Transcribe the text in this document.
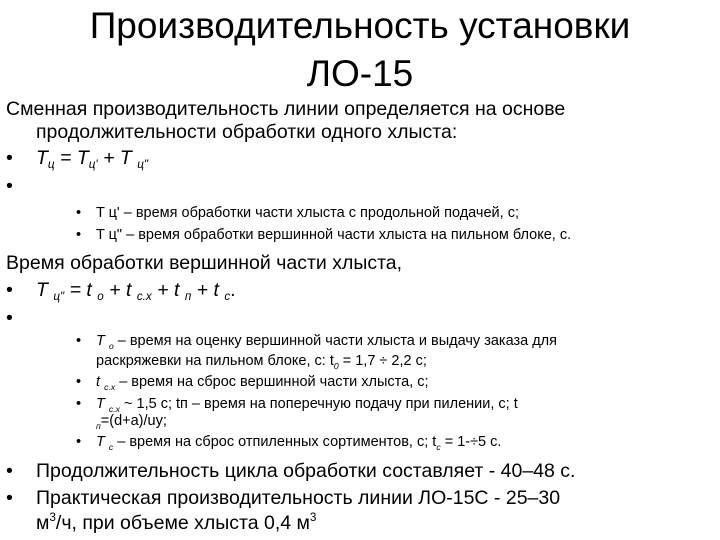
Производительность установки
ЛО-15
Сменная производительность линии определяется на основе
продолжительности обработки одного хлыста:
• $T_ц = T_{ц'} + T$ $_{ц"}$
•
• T ц' – время обработки части хлыста с продольной подачей, с;
• T ц" – время обработки вершинной части хлыста на пильном блоке, с.
Время обработки вершинной части хлыста,
• T $_{ц"}$ = t $_о$ + t $_{с.х}$ + t $_п$ + t $_с$.
•
• T $_о$ – время на оценку вершинной части хлыста и выдачу заказа для
раскряжевки на пильном блоке, с: $t_0 = 1,7 \div 2,2$ с;
• t $_{с.х}$ – время на сброс вершинной части хлыста, с;
• T $_{с.х}$ ~ 1,5 с; tп – время на поперечную подачу при пилении, с; t
$_п$=(d+a)/uy;
• T $_с$ – время на сброс отпиленных сортиментов, с; $t_c = 1-\div 5$ с.
• Продолжительность цикла обработки составляет - 40–48 с.
• Практическая производительность линии ЛО-15С - 25–30
$м^3/ч$, при объеме хлыста 0,4 $м^3$
